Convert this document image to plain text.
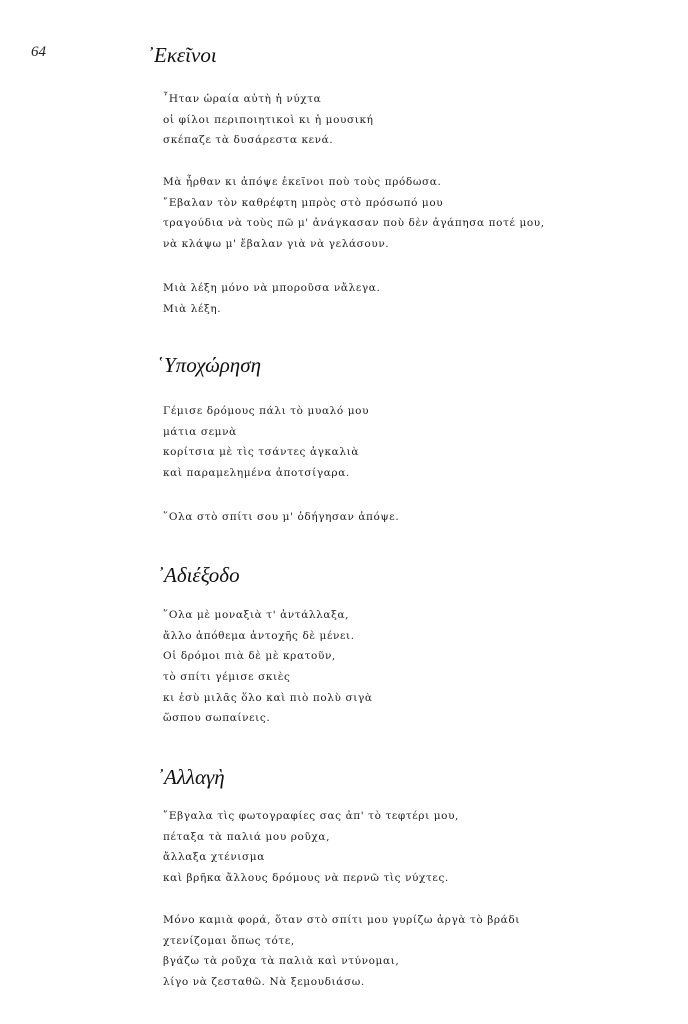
64	᾿Εκεῖνοι
῏Ηταν ὡραία αὐτὴ ἡ νύχτα
οἱ φίλοι περιποιητικοὶ κι ἡ μουσική
σκέπαζε τὰ δυσάρεστα κενά.
Μὰ ἦρθαν κι ἀπόψε ἐκεῖνοι ποὺ τοὺς πρόδωσα.
῎Εβαλαν τὸν καθρέφτη μπρὸς στὸ πρόσωπό μου
τραγούδια νὰ τοὺς πῶ μ' ἀνάγκασαν ποὺ δὲν ἀγάπησα ποτέ μου,
νὰ κλάψω μ' ἔβαλαν γιὰ νὰ γελάσουν.
Μιὰ λέξη μόνο νὰ μποροῦσα νἄλεγα.
Μιὰ λέξη.
῾Υποχώρηση
Γέμισε δρόμους πάλι τὸ μυαλό μου
μάτια σεμνὰ
κορίτσια μὲ τὶς τσάντες ἀγκαλιὰ
καὶ παραμελημένα ἀποτσίγαρα.
῞Ολα στὸ σπίτι σου μ' ὁδήγησαν ἀπόψε.
᾿Αδιέξοδο
῞Ολα μὲ μοναξιὰ τ' ἀντάλλαξα,
ἄλλο ἀπόθεμα ἀντοχῆς δὲ μένει.
Οἱ δρόμοι πιὰ δὲ μὲ κρατοῦν,
τὸ σπίτι γέμισε σκιὲς
κι ἐσὺ μιλᾶς ὅλο καὶ πιὸ πολὺ σιγὰ
ὥσπου σωπαίνεις.
᾿Αλλαγὴ
῎Εβγαλα τὶς φωτογραφίες σας ἀπ' τὸ τεφτέρι μου,
πέταξα τὰ παλιά μου ροῦχα,
ἄλλαξα χτένισμα
καὶ βρῆκα ἄλλους δρόμους νὰ περνῶ τὶς νύχτες.
Μόνο καμιὰ φορά, ὅταν στὸ σπίτι μου γυρίζω ἀργὰ τὸ βράδι
χτενίζομαι ὅπως τότε,
βγάζω τὰ ροῦχα τὰ παλιὰ καὶ ντύνομαι,
λίγο νὰ ζεσταθῶ. Νὰ ξεμουδιάσω.
